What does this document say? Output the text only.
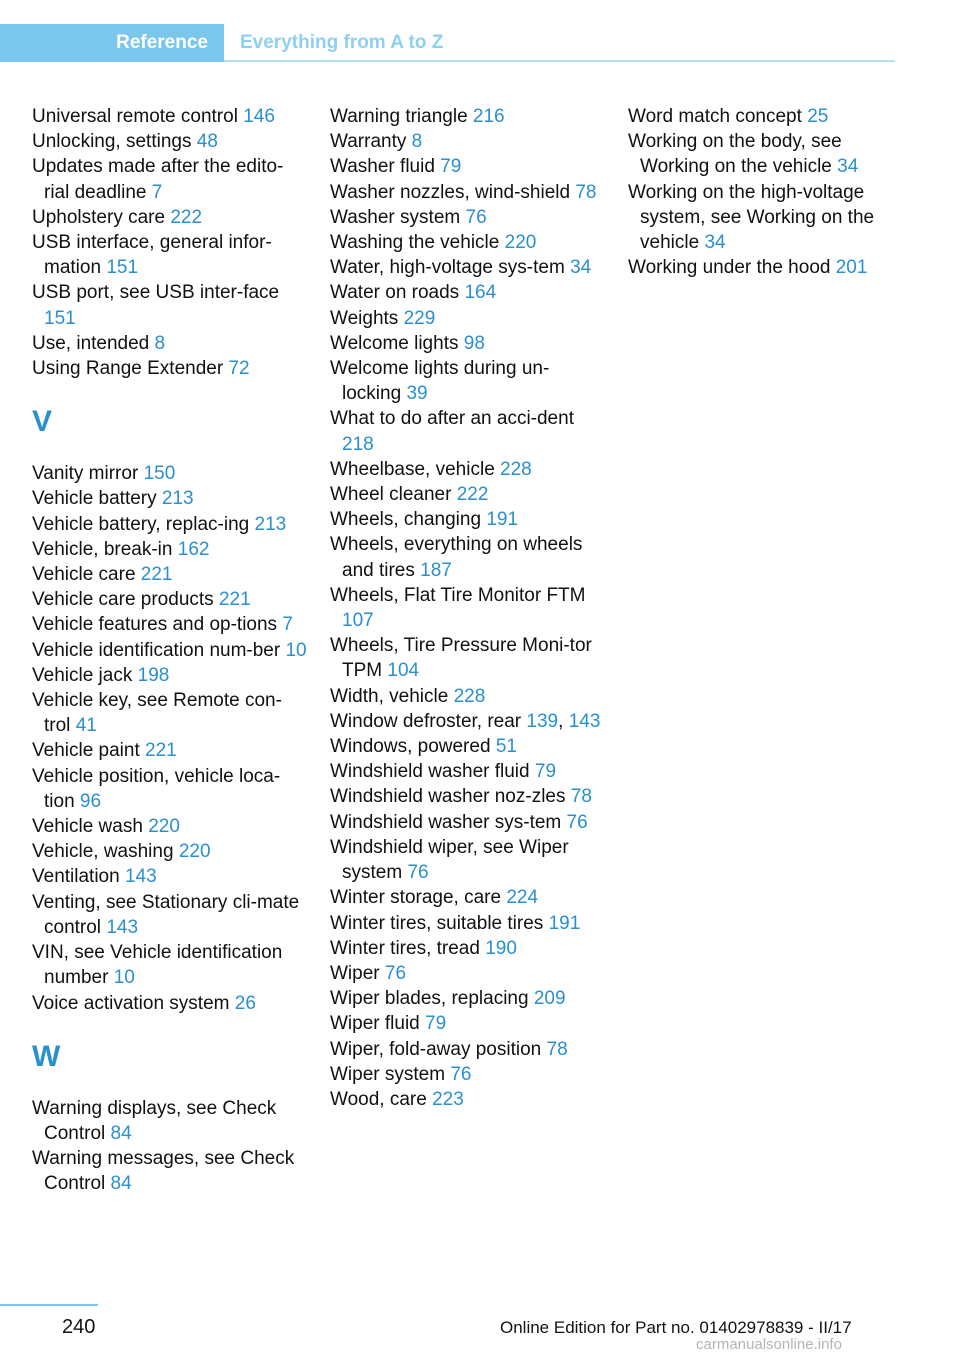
Reference	Everything from A to Z

Universal remote control 146

Unlocking, settings 48

Updates made after the edito-rial deadline 7

Upholstery care 222

USB interface, general infor-mation 151

USB port, see USB inter-face 151

Use, intended 8

Using Range Extender 72

V

Vanity mirror 150

Vehicle battery 213

Vehicle battery, replac-ing 213

Vehicle, break-in 162

Vehicle care 221

Vehicle care products 221

Vehicle features and op-tions 7

Vehicle identification num-ber 10

Vehicle jack 198

Vehicle key, see Remote con-trol 41

Vehicle paint 221

Vehicle position, vehicle loca-tion 96

Vehicle wash 220

Vehicle, washing 220

Ventilation 143

Venting, see Stationary cli-mate control 143

VIN, see Vehicle identification number 10

Voice activation system 26

W

Warning displays, see Check Control 84

Warning messages, see Check Control 84

Warning triangle 216

Warranty 8

Washer fluid 79

Washer nozzles, wind-shield 78

Washer system 76

Washing the vehicle 220

Water, high-voltage sys-tem 34

Water on roads 164

Weights 229

Welcome lights 98

Welcome lights during un-locking 39

What to do after an acci-dent 218

Wheelbase, vehicle 228

Wheel cleaner 222

Wheels, changing 191

Wheels, everything on wheels and tires 187

Wheels, Flat Tire Monitor FTM 107

Wheels, Tire Pressure Moni-tor TPM 104

Width, vehicle 228

Window defroster, rear 139, 143

Windows, powered 51

Windshield washer fluid 79

Windshield washer noz-zles 78

Windshield washer sys-tem 76

Windshield wiper, see Wiper system 76

Winter storage, care 224

Winter tires, suitable tires 191

Winter tires, tread 190

Wiper 76

Wiper blades, replacing 209

Wiper fluid 79

Wiper, fold-away position 78

Wiper system 76

Wood, care 223

Word match concept 25

Working on the body, see Working on the vehicle 34

Working on the high-voltage system, see Working on the vehicle 34

Working under the hood 201

240	Online Edition for Part no. 01402978839 - II/17
carmanualsonline.info
